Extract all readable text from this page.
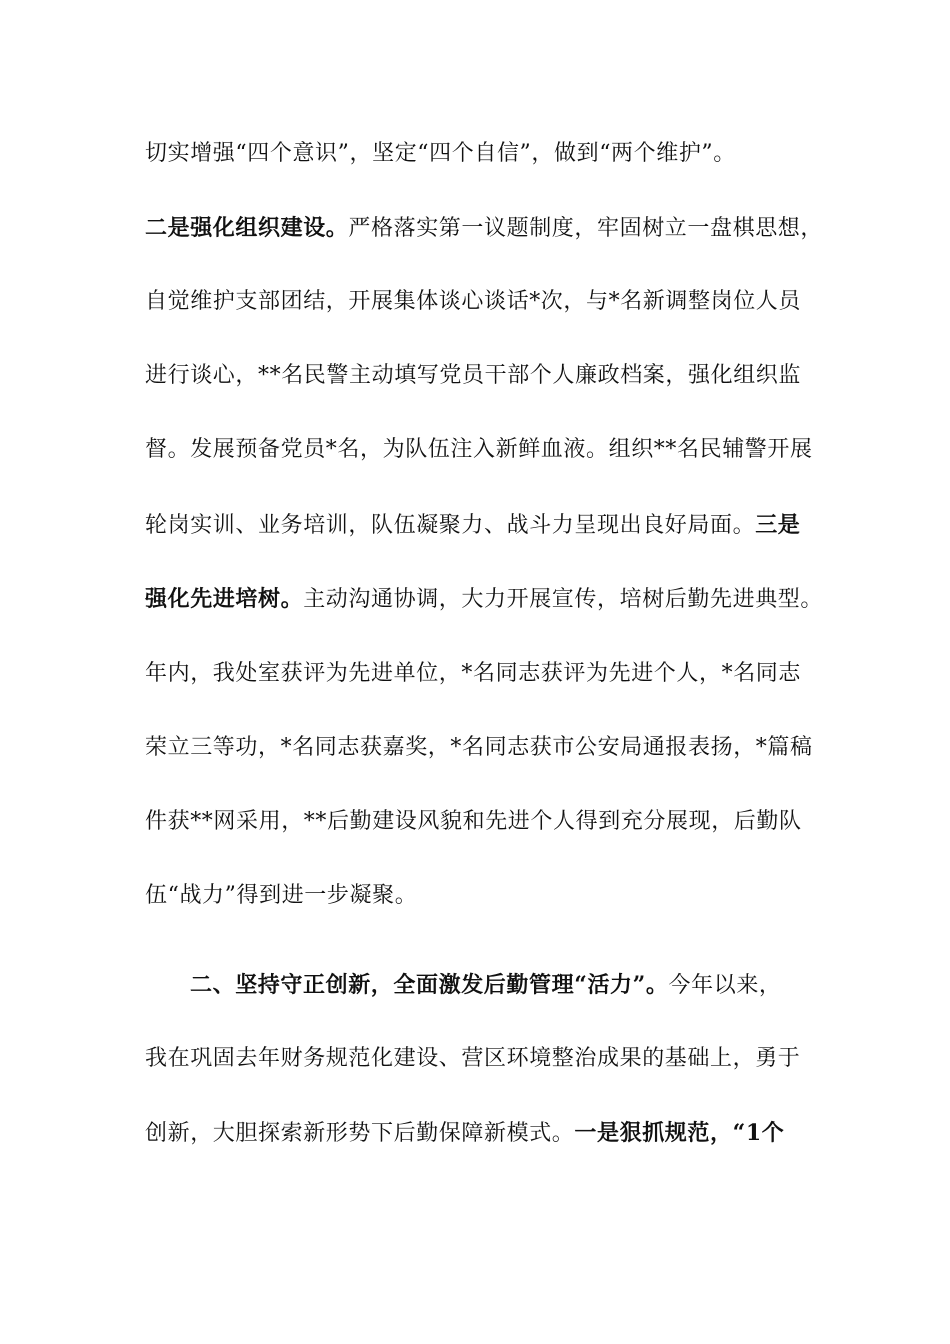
切实增强“四个意识”，坚定“四个自信”，做到“两个维护”。
二是强化组织建设。严格落实第一议题制度，牢固树立一盘棋思想，
自觉维护支部团结，开展集体谈心谈话*次，与*名新调整岗位人员
进行谈心，**名民警主动填写党员干部个人廉政档案，强化组织监
督。发展预备党员*名，为队伍注入新鲜血液。组织**名民辅警开展
轮岗实训、业务培训，队伍凝聚力、战斗力呈现出良好局面。三是
强化先进培树。主动沟通协调，大力开展宣传，培树后勤先进典型。
年内，我处室获评为先进单位，*名同志获评为先进个人，*名同志
荣立三等功，*名同志获嘉奖，*名同志获市公安局通报表扬，*篇稿
件获**网采用，**后勤建设风貌和先进个人得到充分展现，后勤队
伍“战力”得到进一步凝聚。
二、坚持守正创新，全面激发后勤管理“活力”。今年以来，
我在巩固去年财务规范化建设、营区环境整治成果的基础上，勇于
创新，大胆探索新形势下后勤保障新模式。一是狠抓规范，“1个
